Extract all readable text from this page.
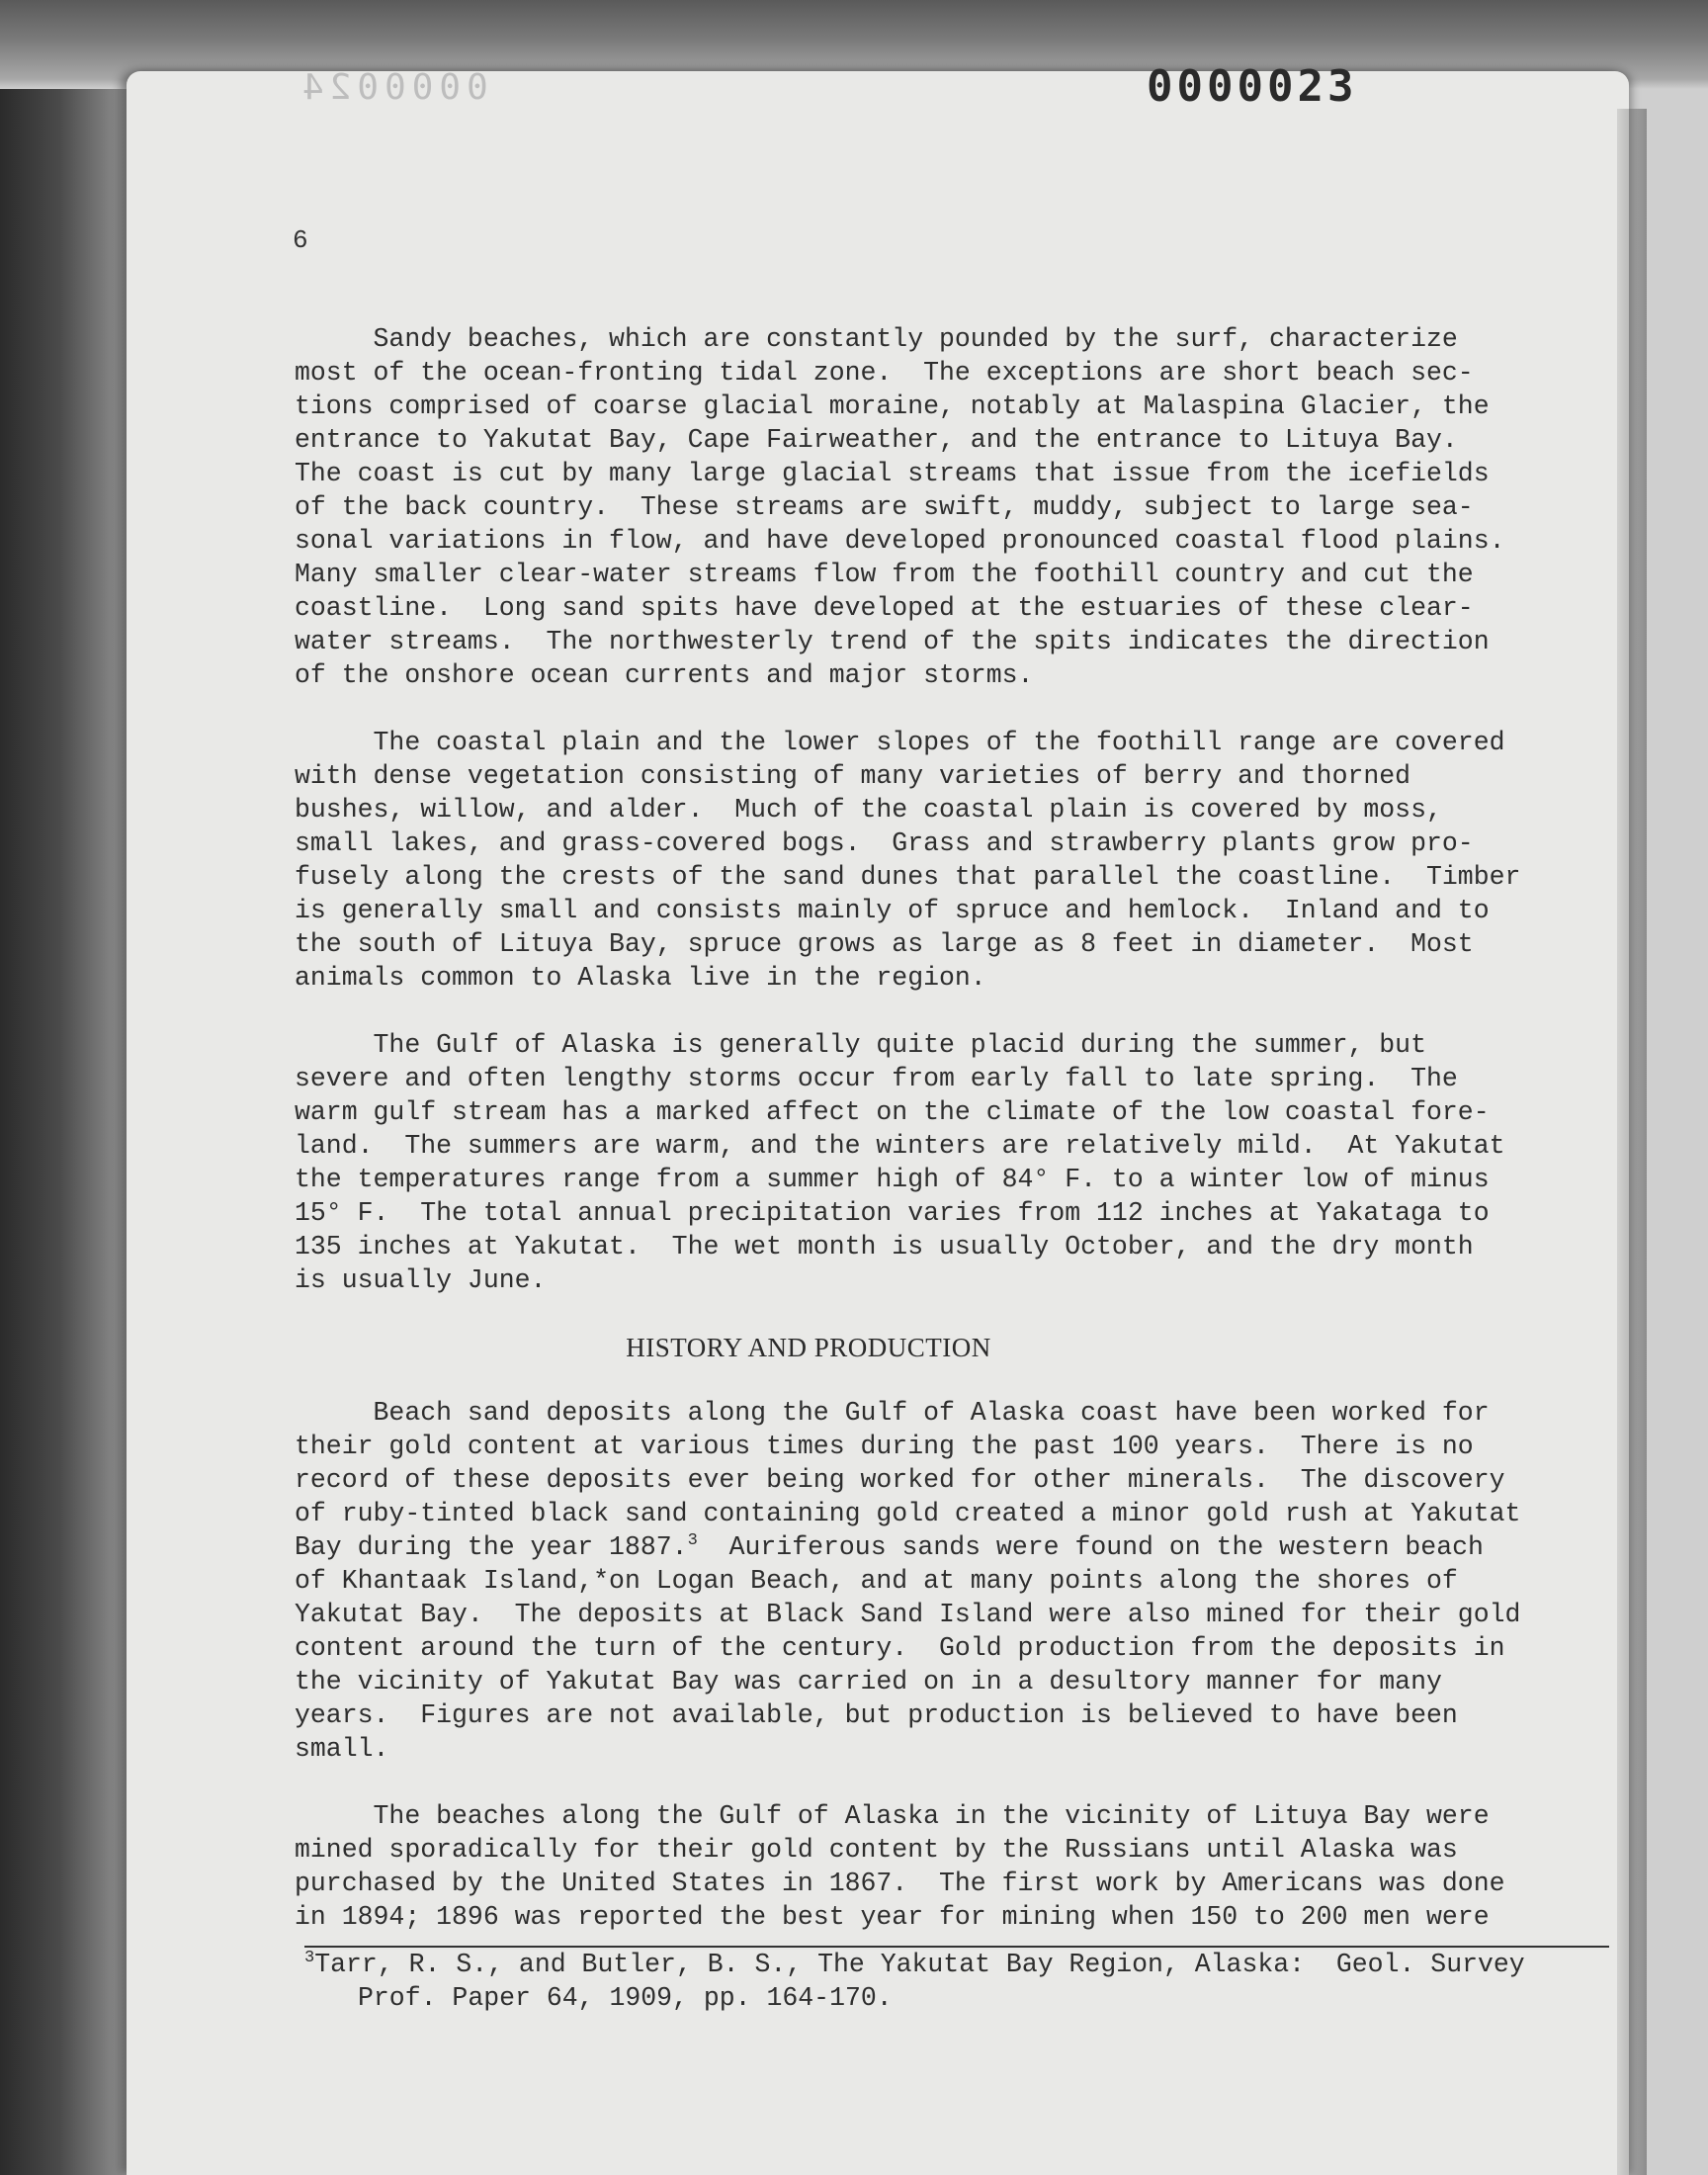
0000024	0000023
6
Sandy beaches, which are constantly pounded by the surf, characterize
most of the ocean-fronting tidal zone.  The exceptions are short beach sec-
tions comprised of coarse glacial moraine, notably at Malaspina Glacier, the
entrance to Yakutat Bay, Cape Fairweather, and the entrance to Lituya Bay.
The coast is cut by many large glacial streams that issue from the icefields
of the back country.  These streams are swift, muddy, subject to large sea-
sonal variations in flow, and have developed pronounced coastal flood plains.
Many smaller clear-water streams flow from the foothill country and cut the
coastline.  Long sand spits have developed at the estuaries of these clear-
water streams.  The northwesterly trend of the spits indicates the direction
of the onshore ocean currents and major storms.
The coastal plain and the lower slopes of the foothill range are covered
with dense vegetation consisting of many varieties of berry and thorned
bushes, willow, and alder.  Much of the coastal plain is covered by moss,
small lakes, and grass-covered bogs.  Grass and strawberry plants grow pro-
fusely along the crests of the sand dunes that parallel the coastline.  Timber
is generally small and consists mainly of spruce and hemlock.  Inland and to
the south of Lituya Bay, spruce grows as large as 8 feet in diameter.  Most
animals common to Alaska live in the region.
The Gulf of Alaska is generally quite placid during the summer, but
severe and often lengthy storms occur from early fall to late spring.  The
warm gulf stream has a marked affect on the climate of the low coastal fore-
land.  The summers are warm, and the winters are relatively mild.  At Yakutat
the temperatures range from a summer high of 84° F. to a winter low of minus
15° F.  The total annual precipitation varies from 112 inches at Yakataga to
135 inches at Yakutat.  The wet month is usually October, and the dry month
is usually June.
HISTORY AND PRODUCTION
Beach sand deposits along the Gulf of Alaska coast have been worked for
their gold content at various times during the past 100 years.  There is no
record of these deposits ever being worked for other minerals.  The discovery
of ruby-tinted black sand containing gold created a minor gold rush at Yakutat
Bay during the year 1887.$^3$  Auriferous sands were found on the western beach
of Khantaak Island,*on Logan Beach, and at many points along the shores of
Yakutat Bay.  The deposits at Black Sand Island were also mined for their gold
content around the turn of the century.  Gold production from the deposits in
the vicinity of Yakutat Bay was carried on in a desultory manner for many
years.  Figures are not available, but production is believed to have been
small.
The beaches along the Gulf of Alaska in the vicinity of Lituya Bay were
mined sporadically for their gold content by the Russians until Alaska was
purchased by the United States in 1867.  The first work by Americans was done
in 1894; 1896 was reported the best year for mining when 150 to 200 men were
$^3$Tarr, R. S., and Butler, B. S., The Yakutat Bay Region, Alaska:  Geol. Survey
Prof. Paper 64, 1909, pp. 164-170.
